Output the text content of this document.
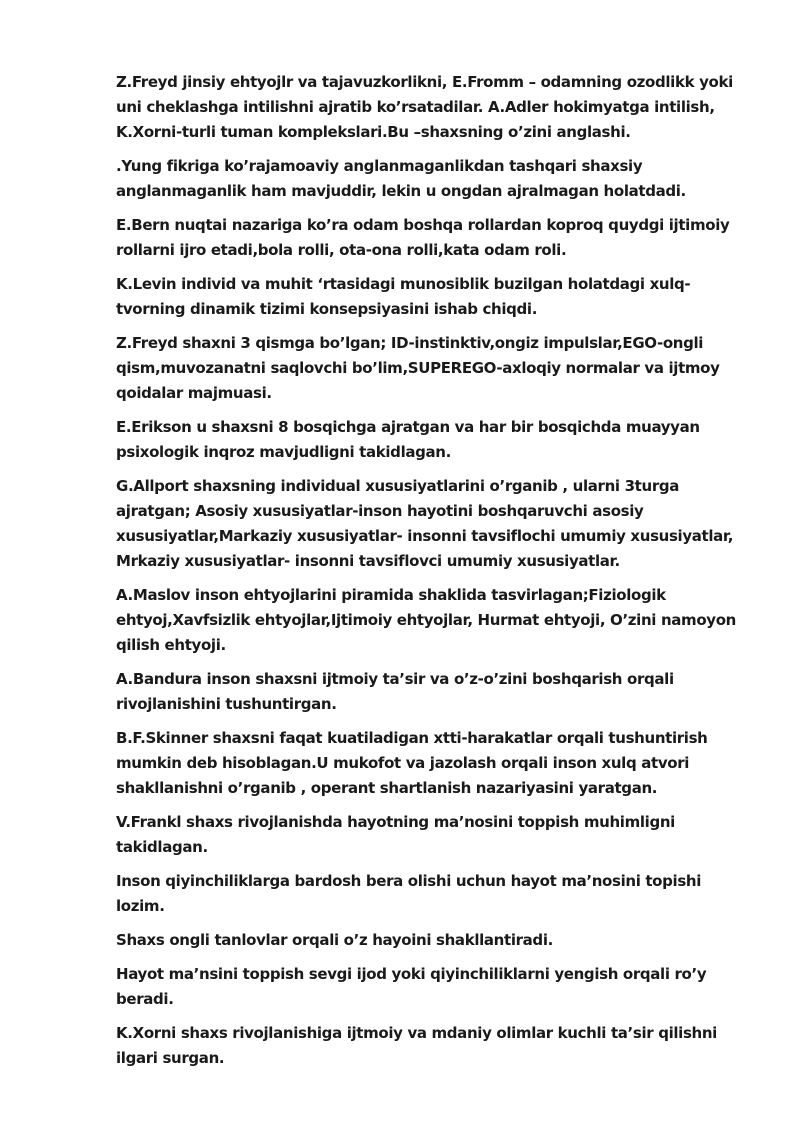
Z.Freyd jinsiy ehtyojlr va tajavuzkorlikni, E.Fromm – odamning ozodlikk yoki uni cheklashga intilishni ajratib ko’rsatadilar. A.Adler hokimyatga intilish, K.Xorni-turli tuman komplekslari.Bu –shaxsning o’zini anglashi.

.Yung fikriga ko’rajamoaviy anglanmaganlikdan tashqari shaxsiy anglanmaganlik ham mavjuddir, lekin u ongdan ajralmagan holatdadi.

E.Bern nuqtai nazariga ko’ra odam boshqa rollardan koproq quydgi ijtimoiy rollarni ijro etadi,bola rolli, ota-ona rolli,kata odam roli.

K.Levin individ va muhit ‘rtasidagi munosiblik buzilgan holatdagi xulq-tvorning dinamik tizimi konsepsiyasini ishab chiqdi.

Z.Freyd shaxni 3 qismga bo’lgan; ID-instinktiv,ongiz impulslar,EGO-ongli qism,muvozanatni saqlovchi bo’lim,SUPEREGO-axloqiy normalar va ijtmoy qoidalar majmuasi.

E.Erikson u shaxsni 8 bosqichga ajratgan va har bir bosqichda muayyan psixologik inqroz mavjudligni takidlagan.

G.Allport shaxsning individual xususiyatlarini o’rganib , ularni 3turga ajratgan; Asosiy xususiyatlar-inson hayotini boshqaruvchi asosiy xususiyatlar,Markaziy xususiyatlar- insonni tavsiflochi umumiy xususiyatlar, Mrkaziy xususiyatlar- insonni tavsiflovci umumiy xususiyatlar.

A.Maslov inson ehtyojlarini piramida shaklida tasvirlagan;Fiziologik ehtyoj,Xavfsizlik ehtyojlar,Ijtimoiy ehtyojlar, Hurmat ehtyoji, O’zini namoyon qilish ehtyoji.

A.Bandura inson shaxsni ijtmoiy ta’sir va o’z-o’zini boshqarish orqali rivojlanishini tushuntirgan.

B.F.Skinner shaxsni faqat kuatiladigan xtti-harakatlar orqali tushuntirish mumkin deb hisoblagan.U mukofot va jazolash orqali inson xulq atvori shakllanishni o’rganib , operant shartlanish nazariyasini yaratgan.

V.Frankl shaxs rivojlanishda hayotning ma’nosini toppish muhimligni takidlagan.

Inson qiyinchiliklarga bardosh bera olishi uchun hayot ma’nosini topishi lozim.

Shaxs ongli tanlovlar orqali o’z hayoini shakllantiradi.

Hayot ma’nsini toppish sevgi ijod yoki qiyinchiliklarni yengish orqali ro’y beradi.

K.Xorni shaxs rivojlanishiga ijtmoiy va mdaniy olimlar kuchli ta’sir qilishni ilgari surgan.
